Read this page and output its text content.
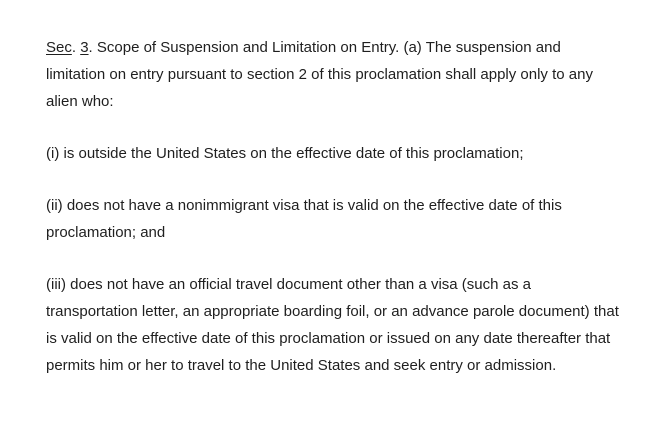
Sec. 3. Scope of Suspension and Limitation on Entry. (a) The suspension and limitation on entry pursuant to section 2 of this proclamation shall apply only to any alien who:

(i) is outside the United States on the effective date of this proclamation;

(ii) does not have a nonimmigrant visa that is valid on the effective date of this proclamation; and

(iii) does not have an official travel document other than a visa (such as a transportation letter, an appropriate boarding foil, or an advance parole document) that is valid on the effective date of this proclamation or issued on any date thereafter that permits him or her to travel to the United States and seek entry or admission.
